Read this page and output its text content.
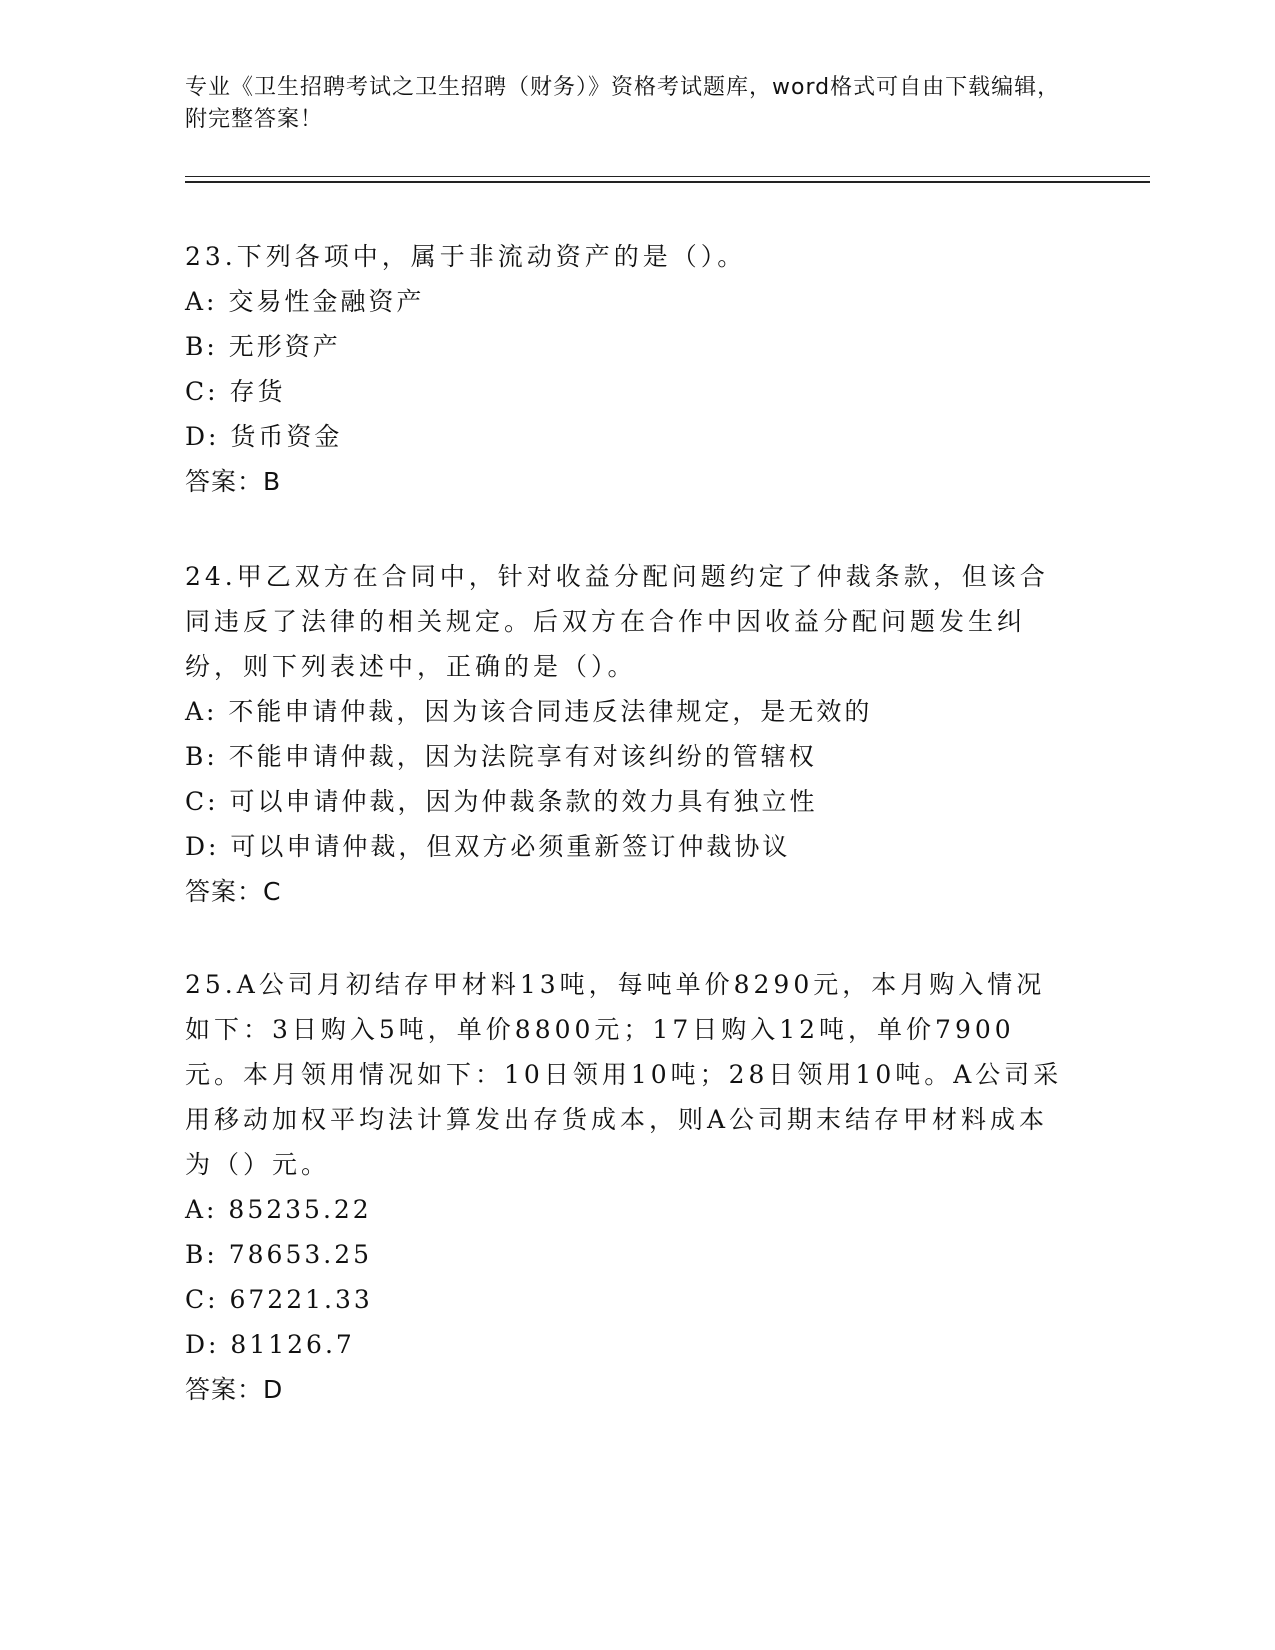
专业《卫生招聘考试之卫生招聘（财务）》资格考试题库，word格式可自由下载编辑，附完整答案！

23.下列各项中，属于非流动资产的是（）。

A: 交易性金融资产
B: 无形资产
C: 存货
D: 货币资金
答案：B

24.甲乙双方在合同中，针对收益分配问题约定了仲裁条款，但该合同违反了法律的相关规定。后双方在合作中因收益分配问题发生纠纷，则下列表述中，正确的是（）。

A: 不能申请仲裁，因为该合同违反法律规定，是无效的
B: 不能申请仲裁，因为法院享有对该纠纷的管辖权
C: 可以申请仲裁，因为仲裁条款的效力具有独立性
D: 可以申请仲裁，但双方必须重新签订仲裁协议
答案：C

25.A公司月初结存甲材料13吨，每吨单价8290元，本月购入情况如下：3日购入5吨，单价8800元；17日购入12吨，单价7900元。本月领用情况如下：10日领用10吨；28日领用10吨。A公司采用移动加权平均法计算发出存货成本，则A公司期末结存甲材料成本为（）元。

A: 85235.22
B: 78653.25
C: 67221.33
D: 81126.7
答案：D
